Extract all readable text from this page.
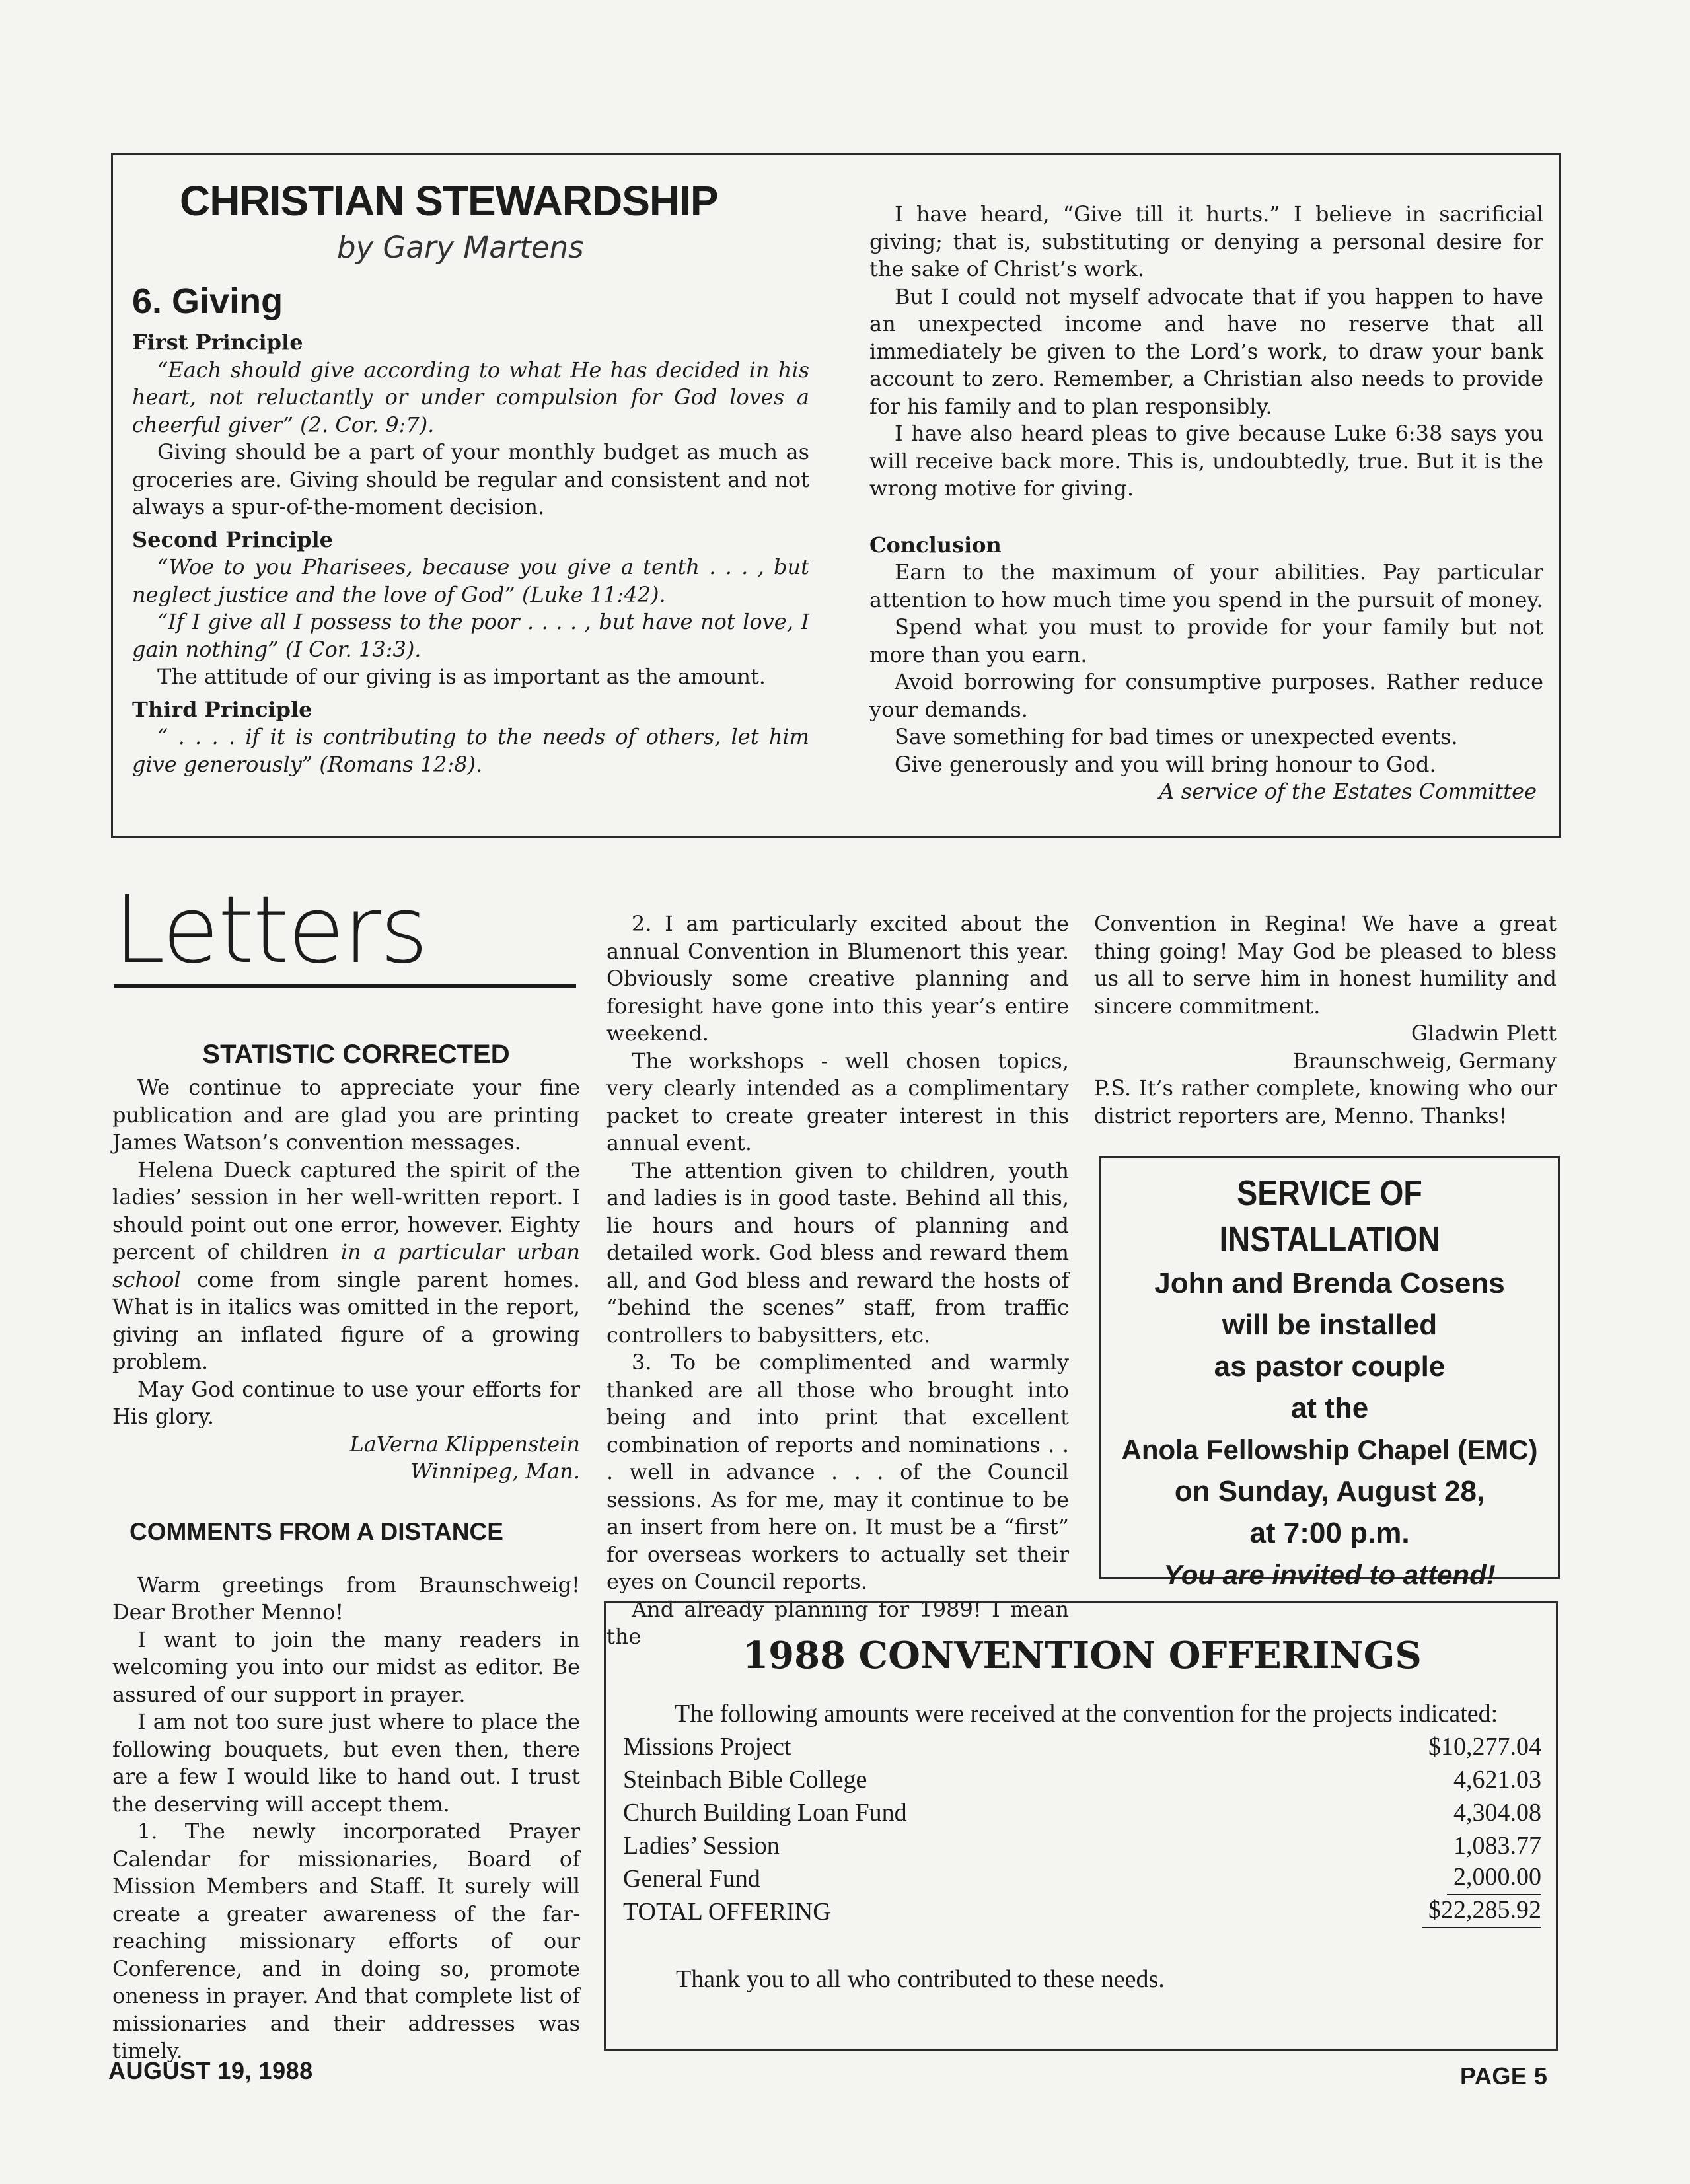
CHRISTIAN STEWARDSHIP
by Gary Martens
6. Giving
First Principle

“Each should give according to what He has decided in his heart, not reluctantly or under compulsion for God loves a cheerful giver” (2. Cor. 9:7).

Giving should be a part of your monthly budget as much as groceries are. Giving should be regular and consistent and not always a spur-of-the-moment decision.

Second Principle

“Woe to you Pharisees, because you give a tenth . . . , but neglect justice and the love of God” (Luke 11:42).

“If I give all I possess to the poor . . . . , but have not love, I gain nothing” (I Cor. 13:3).

The attitude of our giving is as important as the amount.

Third Principle

“ . . . . if it is contributing to the needs of others, let him give generously” (Romans 12:8).

I have heard, “Give till it hurts.” I believe in sacrificial giving; that is, substituting or denying a personal desire for the sake of Christ’s work.

But I could not myself advocate that if you happen to have an unexpected income and have no reserve that all immediately be given to the Lord’s work, to draw your bank account to zero. Remember, a Christian also needs to provide for his family and to plan responsibly.

I have also heard pleas to give because Luke 6:38 says you will receive back more. This is, undoubtedly, true. But it is the wrong motive for giving.

Conclusion

Earn to the maximum of your abilities. Pay particular attention to how much time you spend in the pursuit of money.

Spend what you must to provide for your family but not more than you earn.

Avoid borrowing for consumptive purposes. Rather reduce your demands.

Save something for bad times or unexpected events.

Give generously and you will bring honour to God.

A service of the Estates Committee

Letters
STATISTIC CORRECTED

We continue to appreciate your fine publication and are glad you are printing James Watson’s convention messages.

Helena Dueck captured the spirit of the ladies’ session in her well-written report. I should point out one error, however. Eighty percent of children in a particular urban school come from single parent homes. What is in italics was omitted in the report, giving an inflated figure of a growing problem.

May God continue to use your efforts for His glory.

LaVerna Klippenstein

Winnipeg, Man.

COMMENTS FROM A DISTANCE

Warm greetings from Braunschweig! Dear Brother Menno!

I want to join the many readers in welcoming you into our midst as editor. Be assured of our support in prayer.

I am not too sure just where to place the following bouquets, but even then, there are a few I would like to hand out. I trust the deserving will accept them.

1. The newly incorporated Prayer Calendar for missionaries, Board of Mission Members and Staff. It surely will create a greater awareness of the far-reaching missionary efforts of our Conference, and in doing so, promote oneness in prayer. And that complete list of missionaries and their addresses was timely.

2. I am particularly excited about the annual Convention in Blumenort this year. Obviously some creative planning and foresight have gone into this year’s entire weekend.

The workshops - well chosen topics, very clearly intended as a complimentary packet to create greater interest in this annual event.

The attention given to children, youth and ladies is in good taste. Behind all this, lie hours and hours of planning and detailed work. God bless and reward them all, and God bless and reward the hosts of “behind the scenes” staff, from traffic controllers to babysitters, etc.

3. To be complimented and warmly thanked are all those who brought into being and into print that excellent combination of reports and nominations . . . well in advance . . . of the Council sessions. As for me, may it continue to be an insert from here on. It must be a “first” for overseas workers to actually set their eyes on Council reports.

And already planning for 1989! I mean the

Convention in Regina! We have a great thing going! May God be pleased to bless us all to serve him in honest humility and sincere commitment.

Gladwin Plett

Braunschweig, Germany

P.S. It’s rather complete, knowing who our district reporters are, Menno. Thanks!

SERVICE OF INSTALLATION
John and Brenda Cosens
will be installed
as pastor couple
at the
Anola Fellowship Chapel (EMC)
on Sunday, August 28,
at 7:00 p.m.
You are invited to attend!
1988 CONVENTION OFFERINGS

The following amounts were received at the convention for the projects indicated:

Missions Project	$10,277.04
Steinbach Bible College	4,621.03
Church Building Loan Fund	4,304.08
Ladies’ Session	1,083.77
General Fund	2,000.00
TOTAL OFFERING	$22,285.92

Thank you to all who contributed to these needs.

AUGUST 19, 1988	PAGE 5
